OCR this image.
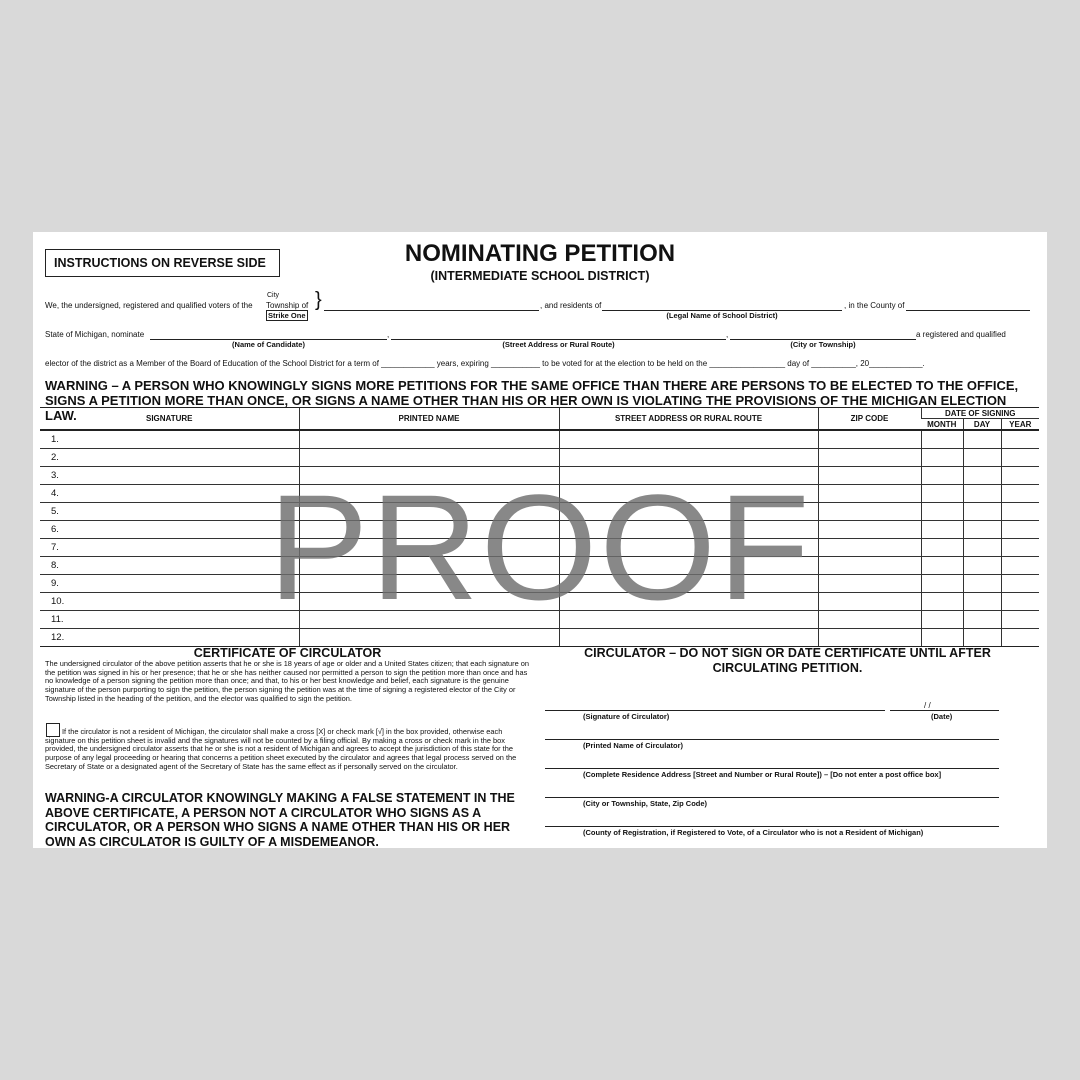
INSTRUCTIONS ON REVERSE SIDE	NOMINATING PETITION
(INTERMEDIATE SCHOOL DISTRICT)
We, the undersigned, registered and qualified voters of the
City
Township of
Strike One
}	, and residents of	, in the County of
(Legal Name of School District)
State of Michigan, nominate	,	,	a registered and qualified
(Name of Candidate)	(Street Address or Rural Route)	(City or Township)
elector of the district as a Member of the Board of Education of the School District for a term of ____________ years, expiring ___________ to be voted for at the election to be held on the _________________ day of __________, 20____________.
WARNING – A PERSON WHO KNOWINGLY SIGNS MORE PETITIONS FOR THE SAME OFFICE THAN THERE ARE PERSONS TO BE ELECTED TO THE OFFICE, SIGNS A PETITION MORE THAN ONCE, OR SIGNS A NAME OTHER THAN HIS OR HER OWN IS VIOLATING THE PROVISIONS OF THE MICHIGAN ELECTION LAW.	SIGNATURE	PRINTED NAME	STREET ADDRESS OR RURAL ROUTE	ZIP CODE	DATE OF SIGNING		
				MONTH	DAY	YEAR
1.						
2.						
3.						
4.						
5.						
6.						
7.						
8.						
9.						
10.						
11.						
12.						
PROOF
CERTIFICATE OF CIRCULATOR
The undersigned circulator of the above petition asserts that he or she is 18 years of age or older and a United States citizen; that each signature on the petition was signed in his or her presence; that he or she has neither caused nor permitted a person to sign the petition more than once and has no knowledge of a person signing the petition more than once; and that, to his or her best knowledge and belief, each signature is the genuine signature of the person purporting to sign the petition, the person signing the petition was at the time of signing a registered elector of the City or Township listed in the heading of the petition, and the elector was qualified to sign the petition.
If the circulator is not a resident of Michigan, the circulator shall make a cross [X] or check mark [√] in the box provided, otherwise each signature on this petition sheet is invalid and the signatures will not be counted by a filing official. By making a cross or check mark in the box provided, the undersigned circulator asserts that he or she is not a resident of Michigan and agrees to accept the jurisdiction of this state for the purpose of any legal proceeding or hearing that concerns a petition sheet executed by the circulator and agrees that legal process served on the Secretary of State or a designated agent of the Secretary of State has the same effect as if personally served on the circulator.
WARNING-A CIRCULATOR KNOWINGLY MAKING A FALSE STATEMENT IN THE ABOVE CERTIFICATE, A PERSON NOT A CIRCULATOR WHO SIGNS AS A CIRCULATOR, OR A PERSON WHO SIGNS A NAME OTHER THAN HIS OR HER OWN AS CIRCULATOR IS GUILTY OF A MISDEMEANOR.
CIRCULATOR – DO NOT SIGN OR DATE CERTIFICATE UNTIL AFTER CIRCULATING PETITION.
/ /
(Signature of Circulator)	(Date)
(Printed Name of Circulator)
(Complete Residence Address [Street and Number or Rural Route]) – [Do not enter a post office box]
(City or Township, State, Zip Code)
(County of Registration, if Registered to Vote, of a Circulator who is not a Resident of Michigan)
